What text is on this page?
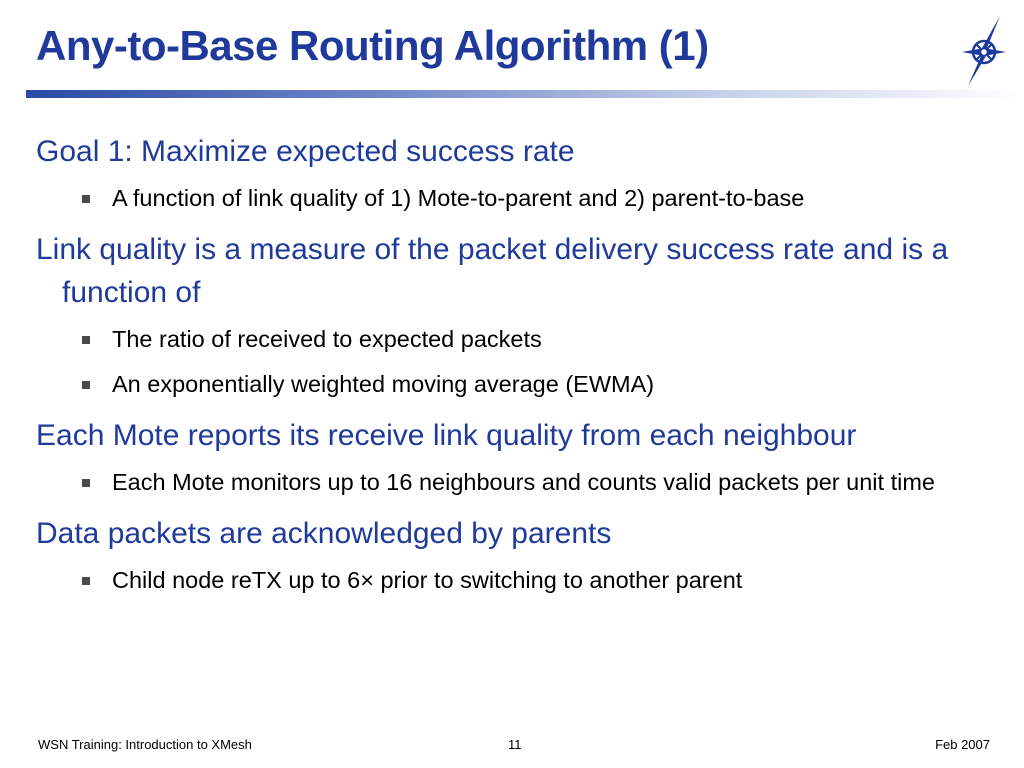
Any-to-Base Routing Algorithm (1)

Goal 1: Maximize expected success rate

A function of link quality of 1) Mote-to-parent and 2) parent-to-base

Link quality is a measure of the packet delivery success rate and is a function of

The ratio of received to expected packets

An exponentially weighted moving average (EWMA)

Each Mote reports its receive link quality from each neighbour

Each Mote monitors up to 16 neighbours and counts valid packets per unit time

Data packets are acknowledged by parents

Child node reTX up to 6× prior to switching to another parent

WSN Training: Introduction to XMesh	11	Feb 2007
